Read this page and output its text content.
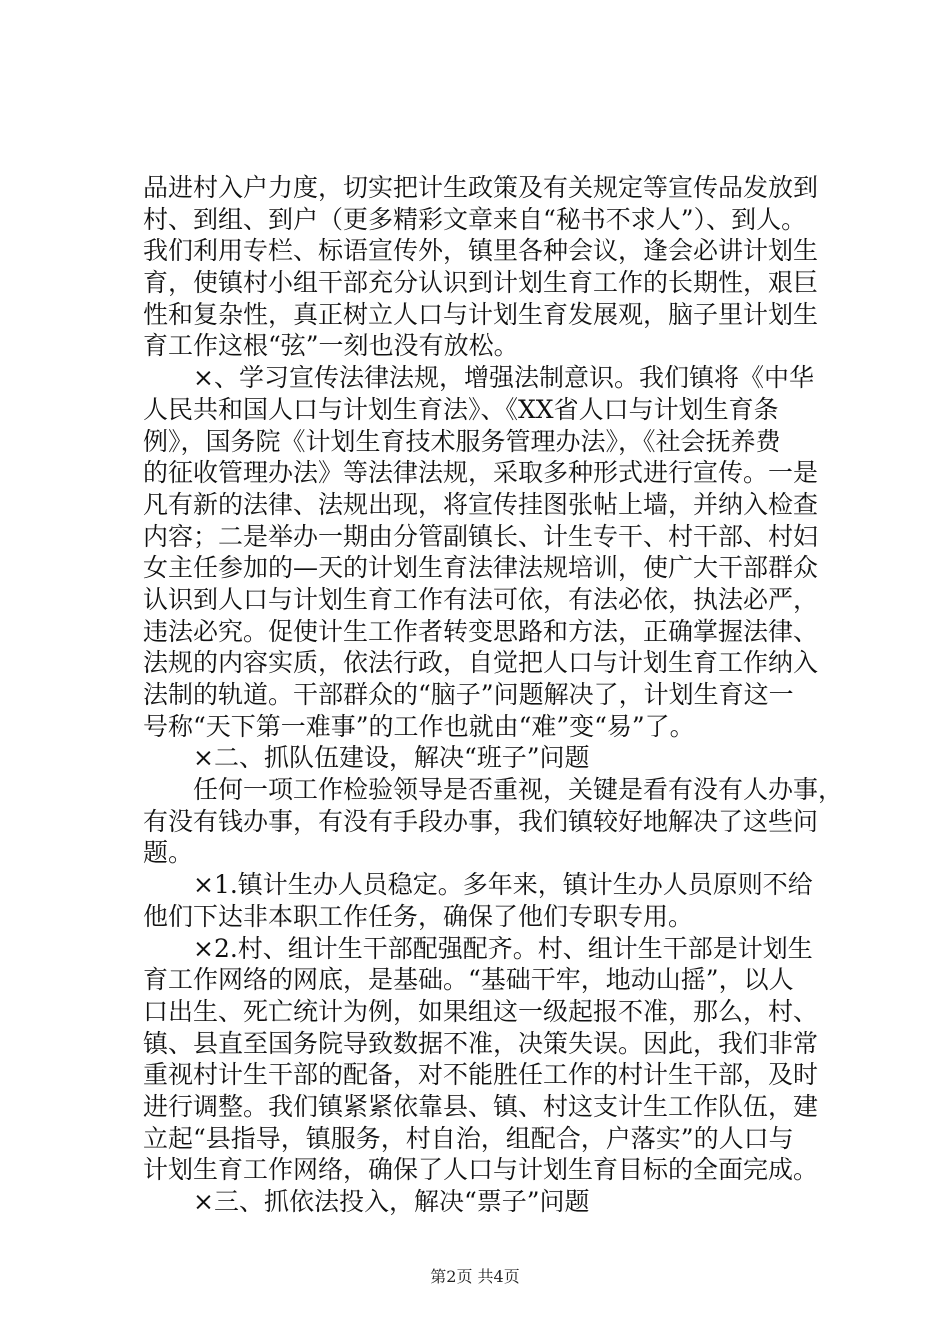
品进村入户力度，切实把计生政策及有关规定等宣传品发放到
村、到组、到户（更多精彩文章来自“秘书不求人”）、到人。
我们利用专栏、标语宣传外，镇里各种会议，逢会必讲计划生
育，使镇村小组干部充分认识到计划生育工作的长期性，艰巨
性和复杂性，真正树立人口与计划生育发展观，脑子里计划生
育工作这根“弦”一刻也没有放松。
　　×、学习宣传法律法规，增强法制意识。我们镇将《中华
人民共和国人口与计划生育法》、《XX省人口与计划生育条
例》，国务院《计划生育技术服务管理办法》，《社会抚养费
的征收管理办法》等法律法规，采取多种形式进行宣传。一是
凡有新的法律、法规出现，将宣传挂图张帖上墙，并纳入检查
内容；二是举办一期由分管副镇长、计生专干、村干部、村妇
女主任参加的—天的计划生育法律法规培训，使广大干部群众
认识到人口与计划生育工作有法可依，有法必依，执法必严，
违法必究。促使计生工作者转变思路和方法，正确掌握法律、
法规的内容实质，依法行政，自觉把人口与计划生育工作纳入
法制的轨道。干部群众的“脑子”问题解决了，计划生育这一
号称“天下第一难事”的工作也就由“难”变“易”了。
　　×二、抓队伍建设，解决“班子”问题
　　任何一项工作检验领导是否重视，关键是看有没有人办事，
有没有钱办事，有没有手段办事，我们镇较好地解决了这些问
题。
　　×1.镇计生办人员稳定。多年来，镇计生办人员原则不给
他们下达非本职工作任务，确保了他们专职专用。
　　×2.村、组计生干部配强配齐。村、组计生干部是计划生
育工作网络的网底，是基础。“基础干牢，地动山摇”，以人
口出生、死亡统计为例，如果组这一级起报不准，那么，村、
镇、县直至国务院导致数据不准，决策失误。因此，我们非常
重视村计生干部的配备，对不能胜任工作的村计生干部，及时
进行调整。我们镇紧紧依靠县、镇、村这支计生工作队伍，建
立起“县指导，镇服务，村自治，组配合，户落实”的人口与
计划生育工作网络，确保了人口与计划生育目标的全面完成。
　　×三、抓依法投入，解决“票子”问题
第2页 共4页
